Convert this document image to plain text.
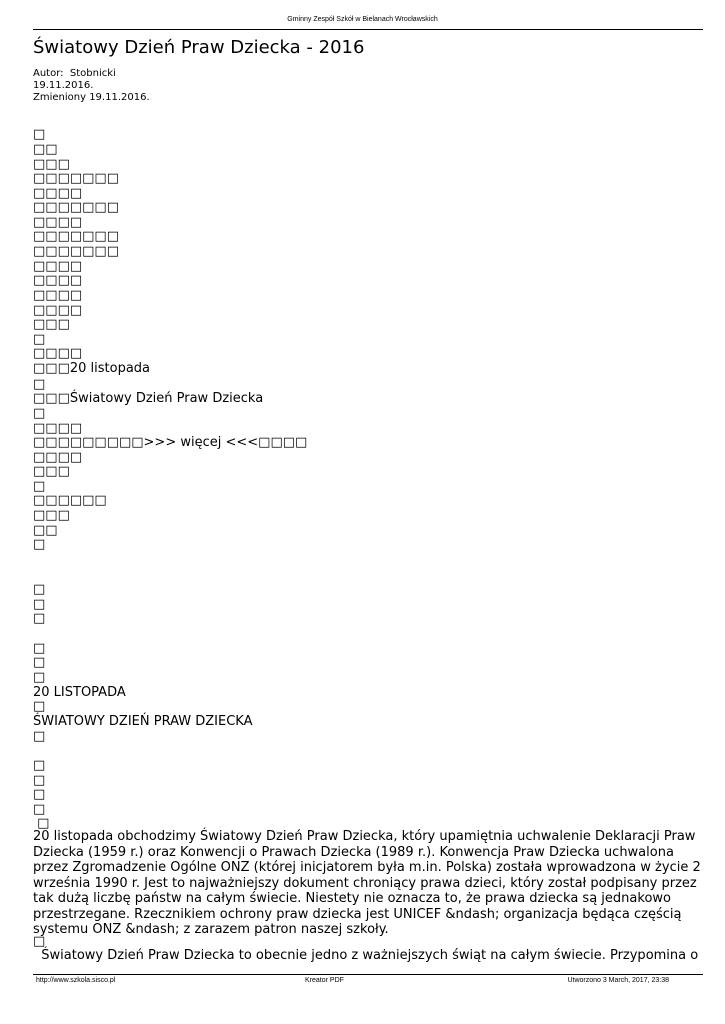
Gminny Zespół Szkół w Bielanach Wrocławskich
Światowy Dzień Praw Dziecka - 2016
Autor: Stobnicki
19.11.2016.
Zmieniony 19.11.2016.
□
□□
□□□
□□□□□□□
□□□□
□□□□□□□
□□□□
□□□□□□□
□□□□□□□
□□□□
□□□□
□□□□
□□□□
□□□
□
□□□□
□□□20 listopada
□
□□□Światowy Dzień Praw Dziecka
□
□□□□
□□□□□□□□□>>> więcej <<<□□□□
□□□□
□□□
□
□□□□□□
□□□
□□
□
□
□
□
□
□
□
20 LISTOPADA
□
ŚWIATOWY DZIEŃ PRAW DZIECKA
□
□
□
□
□
□
20 listopada obchodzimy Światowy Dzień Praw Dziecka, który upamiętnia uchwalenie Deklaracji Praw Dziecka (1959 r.) oraz Konwencji o Prawach Dziecka (1989 r.). Konwencja Praw Dziecka uchwalona przez Zgromadzenie Ogólne ONZ (której inicjatorem była m.in. Polska) została wprowadzona w życie 2 września 1990 r. Jest to najważniejszy dokument chroniący prawa dzieci, który został podpisany przez tak dużą liczbę państw na całym świecie. Niestety nie oznacza to, że prawa dziecka są jednakowo przestrzegane. Rzecznikiem ochrony praw dziecka jest UNICEF &ndash; organizacja będąca częścią systemu ONZ &ndash; z zarazem patron naszej szkoły.
□
Światowy Dzień Praw Dziecka to obecnie jedno z ważniejszych świąt na całym świecie. Przypomina o
http://www.szkola.sisco.pl	Kreator PDF	Utworzono 3 March, 2017, 23:38
